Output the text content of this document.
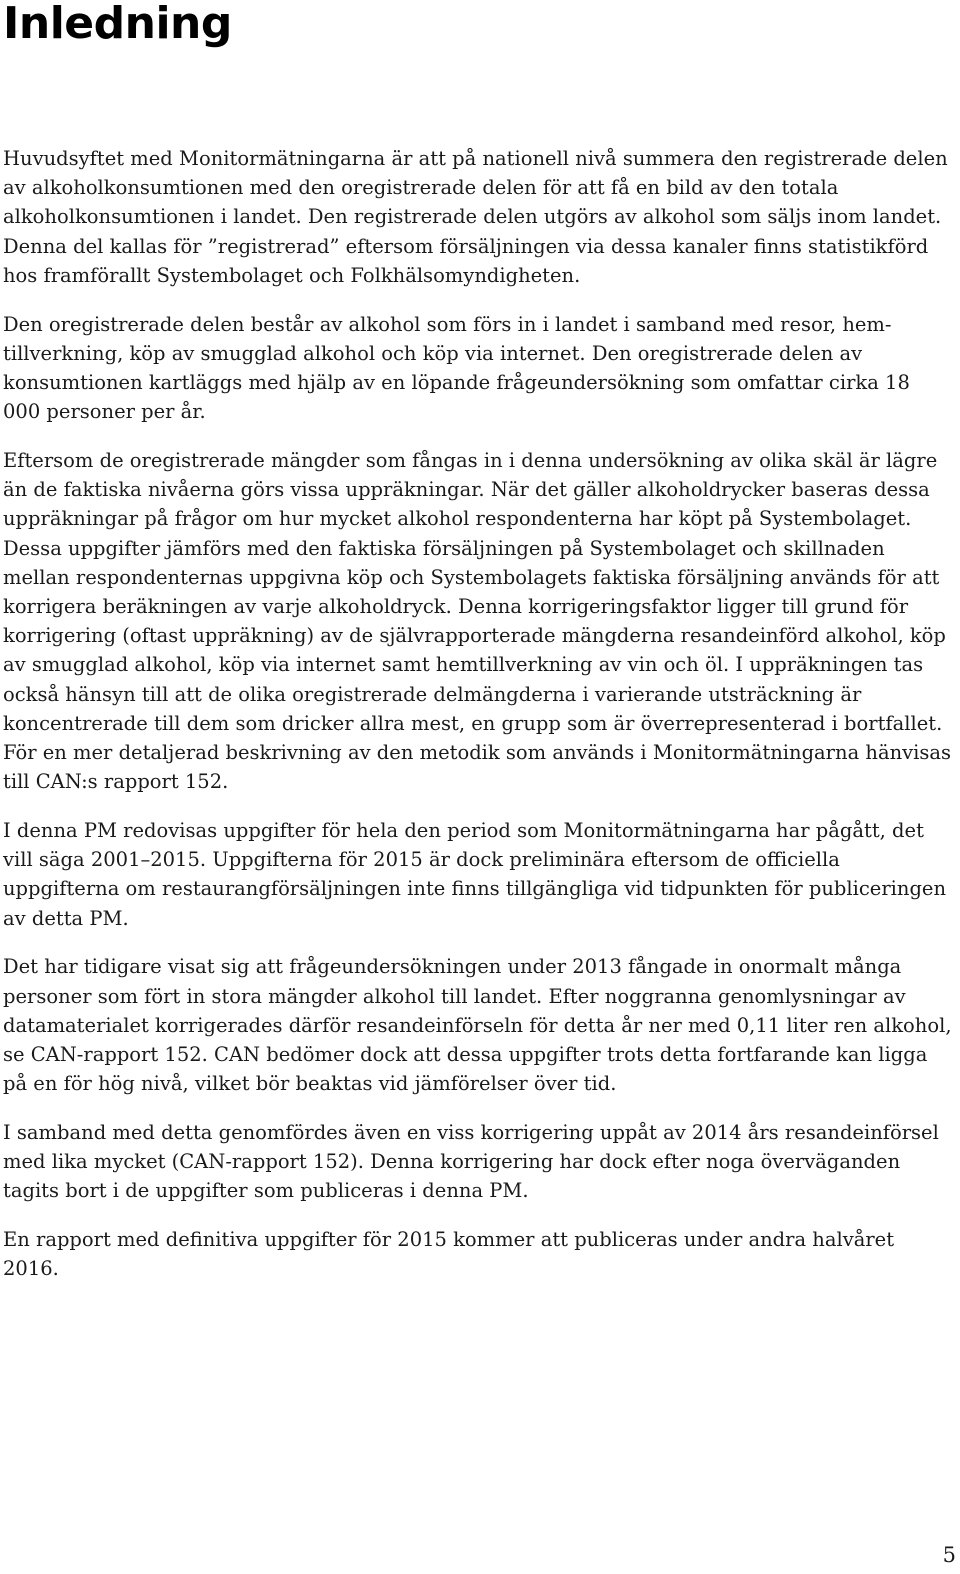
Inledning

Huvudsyftet med Monitormätningarna är att på nationell nivå summera den registrerade delen av alkoholkonsumtionen med den oregistrerade delen för att få en bild av den totala alkoholkonsumtionen i landet. Den registrerade delen utgörs av alkohol som säljs inom landet. Denna del kallas för ”registrerad” eftersom försäljningen via dessa kanaler finns statistikförd hos framförallt Systembolaget och Folkhälsomyndigheten.

Den oregistrerade delen består av alkohol som förs in i landet i samband med resor, hemtillverkning, köp av smugglad alkohol och köp via internet. Den oregistrerade delen av konsumtionen kartläggs med hjälp av en löpande frågeundersökning som omfattar cirka 18 000 personer per år.

Eftersom de oregistrerade mängder som fångas in i denna undersökning av olika skäl är lägre än de faktiska nivåerna görs vissa uppräkningar. När det gäller alkoholdrycker baseras dessa uppräkningar på frågor om hur mycket alkohol respondenterna har köpt på Systembolaget. Dessa uppgifter jämförs med den faktiska försäljningen på Systembolaget och skillnaden mellan respondenternas uppgivna köp och Systembolagets faktiska försäljning används för att korrigera beräkningen av varje alkoholdryck. Denna korrigeringsfaktor ligger till grund för korrigering (oftast uppräkning) av de självrapporterade mängderna resandeinförd alkohol, köp av smugglad alkohol, köp via internet samt hemtillverkning av vin och öl. I uppräkningen tas också hänsyn till att de olika oregistrerade delmängderna i varierande utsträckning är koncentrerade till dem som dricker allra mest, en grupp som är överrepresenterad i bortfallet. För en mer detaljerad beskrivning av den metodik som används i Monitormätningarna hänvisas till CAN:s rapport 152.

I denna PM redovisas uppgifter för hela den period som Monitormätningarna har pågått, det vill säga 2001–2015. Uppgifterna för 2015 är dock preliminära eftersom de officiella uppgifterna om restaurangförsäljningen inte finns tillgängliga vid tidpunkten för publiceringen av detta PM.

Det har tidigare visat sig att frågeundersökningen under 2013 fångade in onormalt många personer som fört in stora mängder alkohol till landet. Efter noggranna genomlysningar av datamaterialet korrigerades därför resandeinförseln för detta år ner med 0,11 liter ren alkohol, se CAN-rapport 152. CAN bedömer dock att dessa uppgifter trots detta fortfarande kan ligga på en för hög nivå, vilket bör beaktas vid jämförelser över tid.

I samband med detta genomfördes även en viss korrigering uppåt av 2014 års resandeinförsel med lika mycket (CAN-rapport 152). Denna korrigering har dock efter noga överväganden tagits bort i de uppgifter som publiceras i denna PM.

En rapport med definitiva uppgifter för 2015 kommer att publiceras under andra halvåret 2016.

5
